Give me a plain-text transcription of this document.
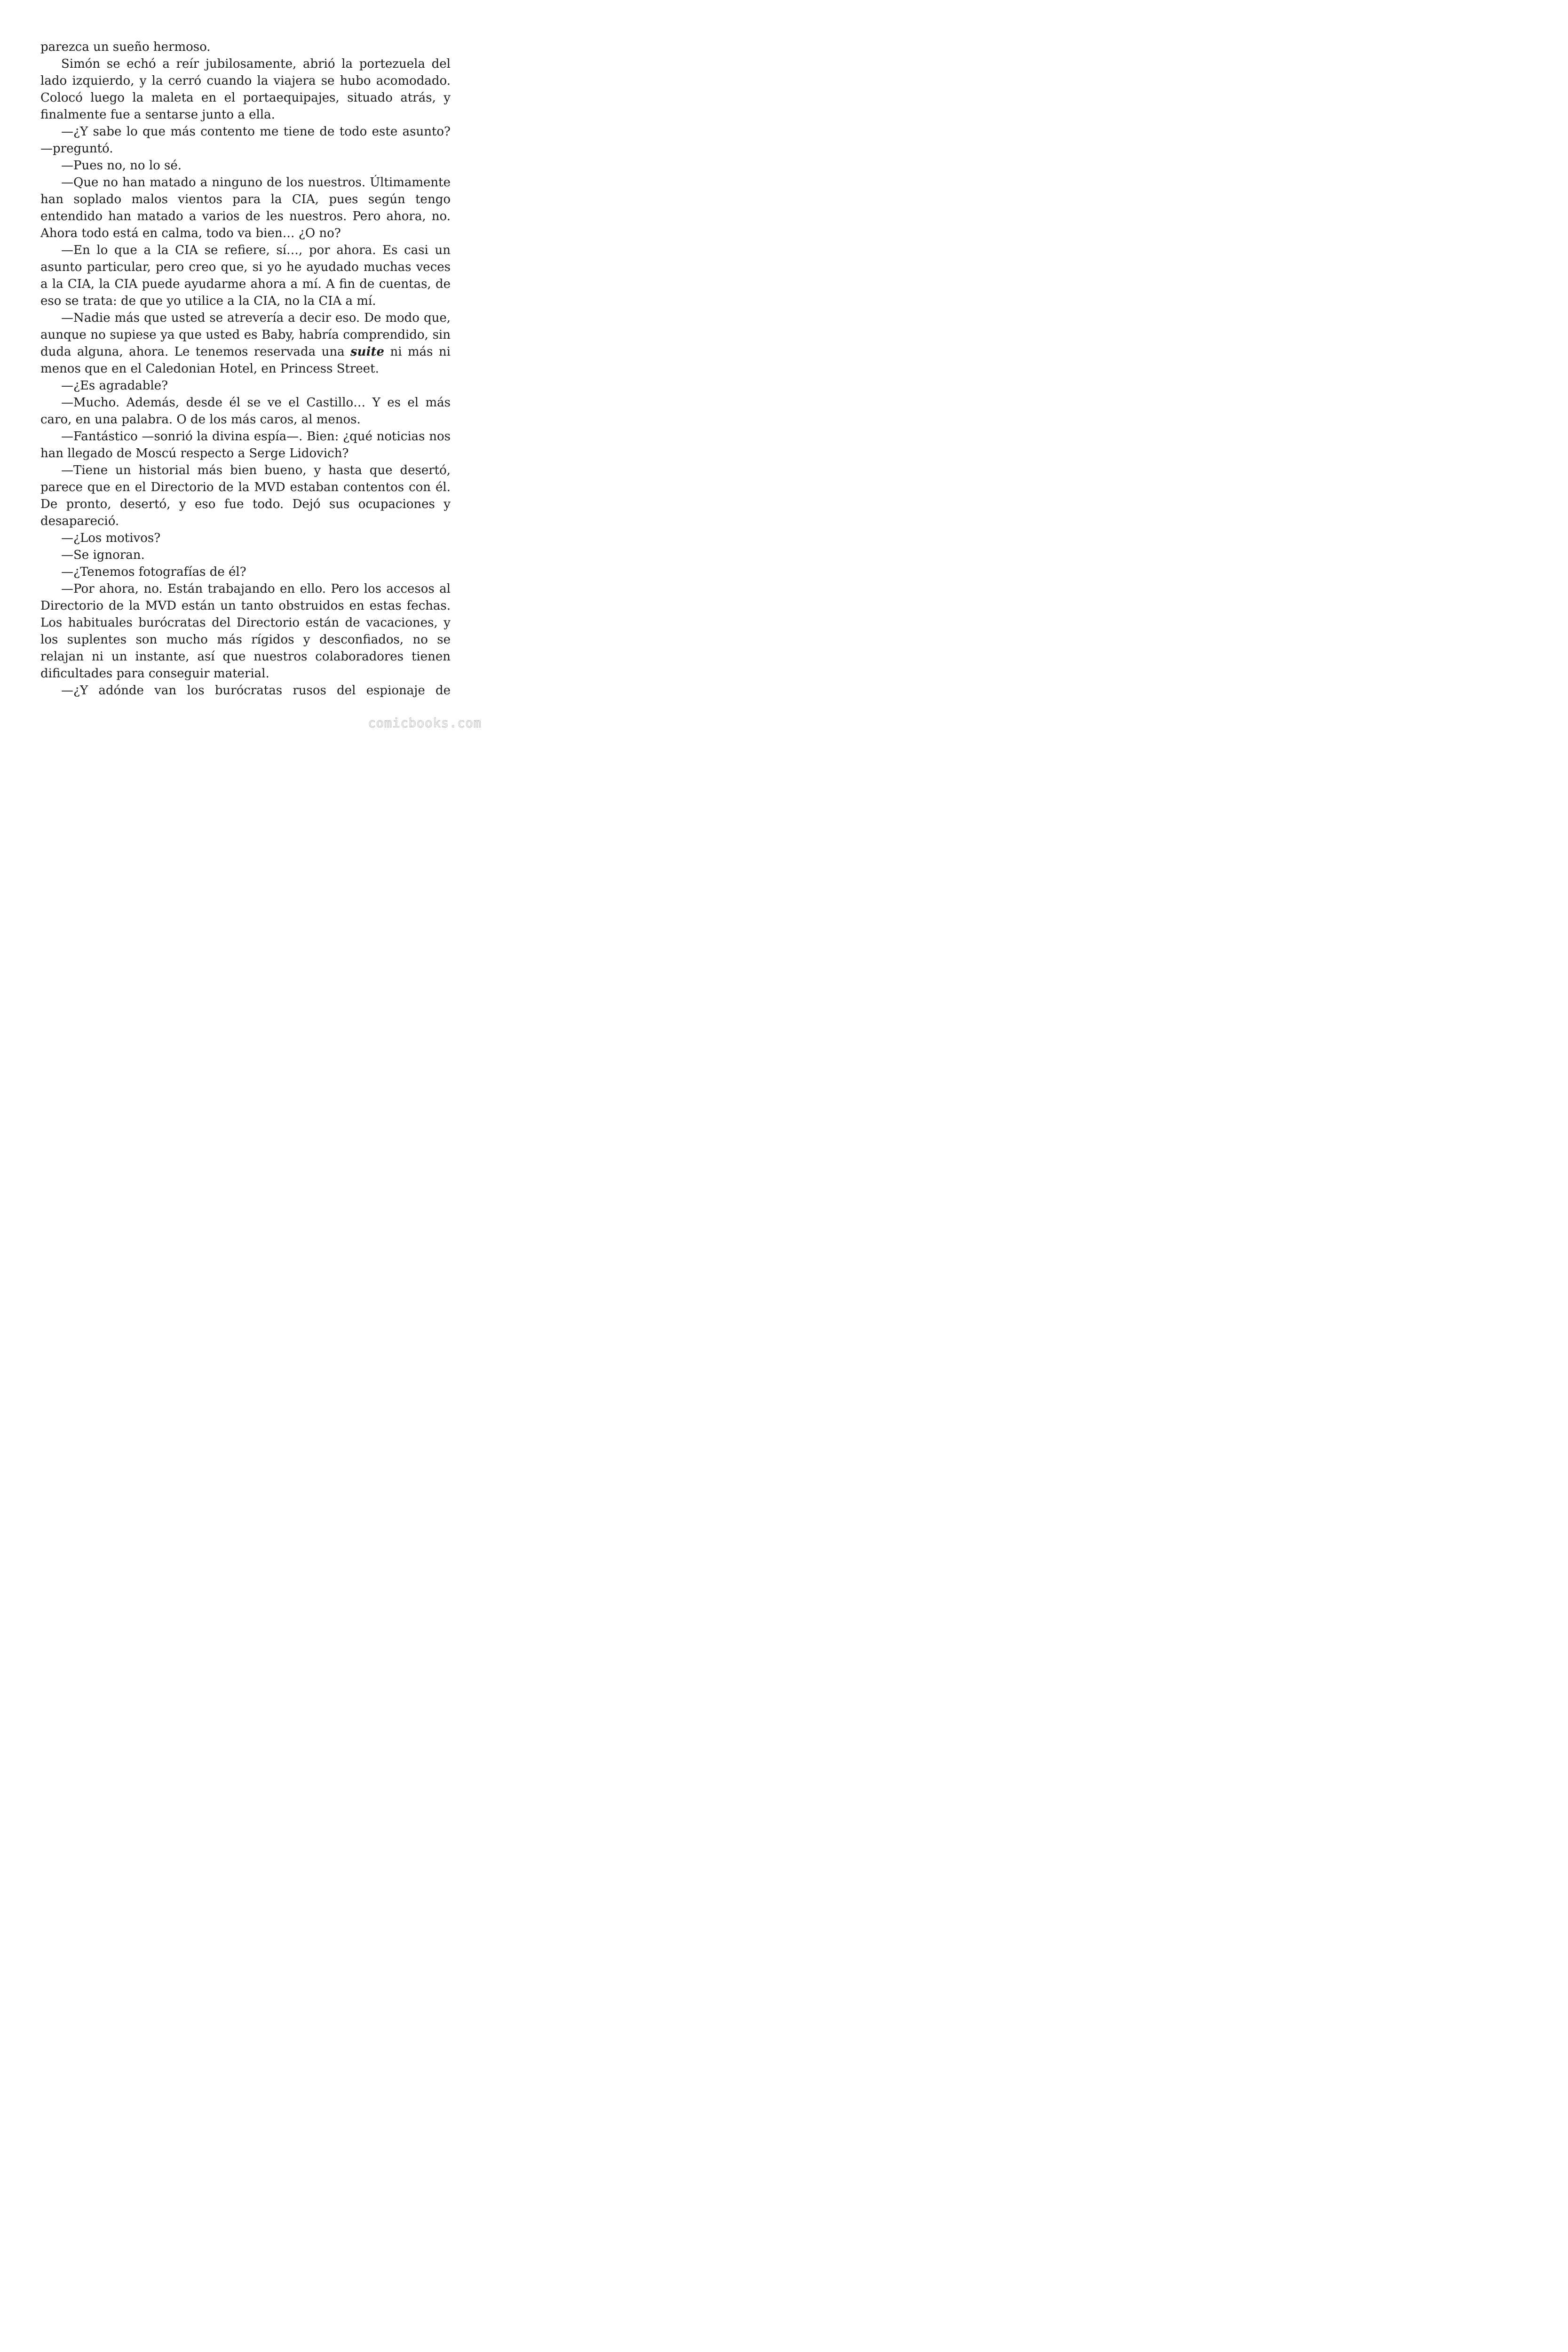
parezca un sueño hermoso.

Simón se echó a reír jubilosamente, abrió la portezuela del lado izquierdo, y la cerró cuando la viajera se hubo acomodado. Colocó luego la maleta en el portaequipajes, situado atrás, y finalmente fue a sentarse junto a ella.

—¿Y sabe lo que más contento me tiene de todo este asunto? —preguntó.

—Pues no, no lo sé.

—Que no han matado a ninguno de los nuestros. Últimamente han soplado malos vientos para la CIA, pues según tengo entendido han matado a varios de les nuestros. Pero ahora, no. Ahora todo está en calma, todo va bien… ¿O no?

—En lo que a la CIA se refiere, sí…, por ahora. Es casi un asunto particular, pero creo que, si yo he ayudado muchas veces a la CIA, la CIA puede ayudarme ahora a mí. A fin de cuentas, de eso se trata: de que yo utilice a la CIA, no la CIA a mí.

—Nadie más que usted se atrevería a decir eso. De modo que, aunque no supiese ya que usted es Baby, habría comprendido, sin duda alguna, ahora. Le tenemos reservada una suite ni más ni menos que en el Caledonian Hotel, en Princess Street.

—¿Es agradable?

—Mucho. Además, desde él se ve el Castillo… Y es el más caro, en una palabra. O de los más caros, al menos.

—Fantástico —sonrió la divina espía—. Bien: ¿qué noticias nos han llegado de Moscú respecto a Serge Lidovich?

—Tiene un historial más bien bueno, y hasta que desertó, parece que en el Directorio de la MVD estaban contentos con él. De pronto, desertó, y eso fue todo. Dejó sus ocupaciones y desapareció.

—¿Los motivos?

—Se ignoran.

—¿Tenemos fotografías de él?

—Por ahora, no. Están trabajando en ello. Pero los accesos al Directorio de la MVD están un tanto obstruidos en estas fechas. Los habituales burócratas del Directorio están de vacaciones, y los suplentes son mucho más rígidos y desconfiados, no se relajan ni un instante, así que nuestros colaboradores tienen dificultades para conseguir material.

—¿Y adónde van los burócratas rusos del espionaje de

comicbooks.com
